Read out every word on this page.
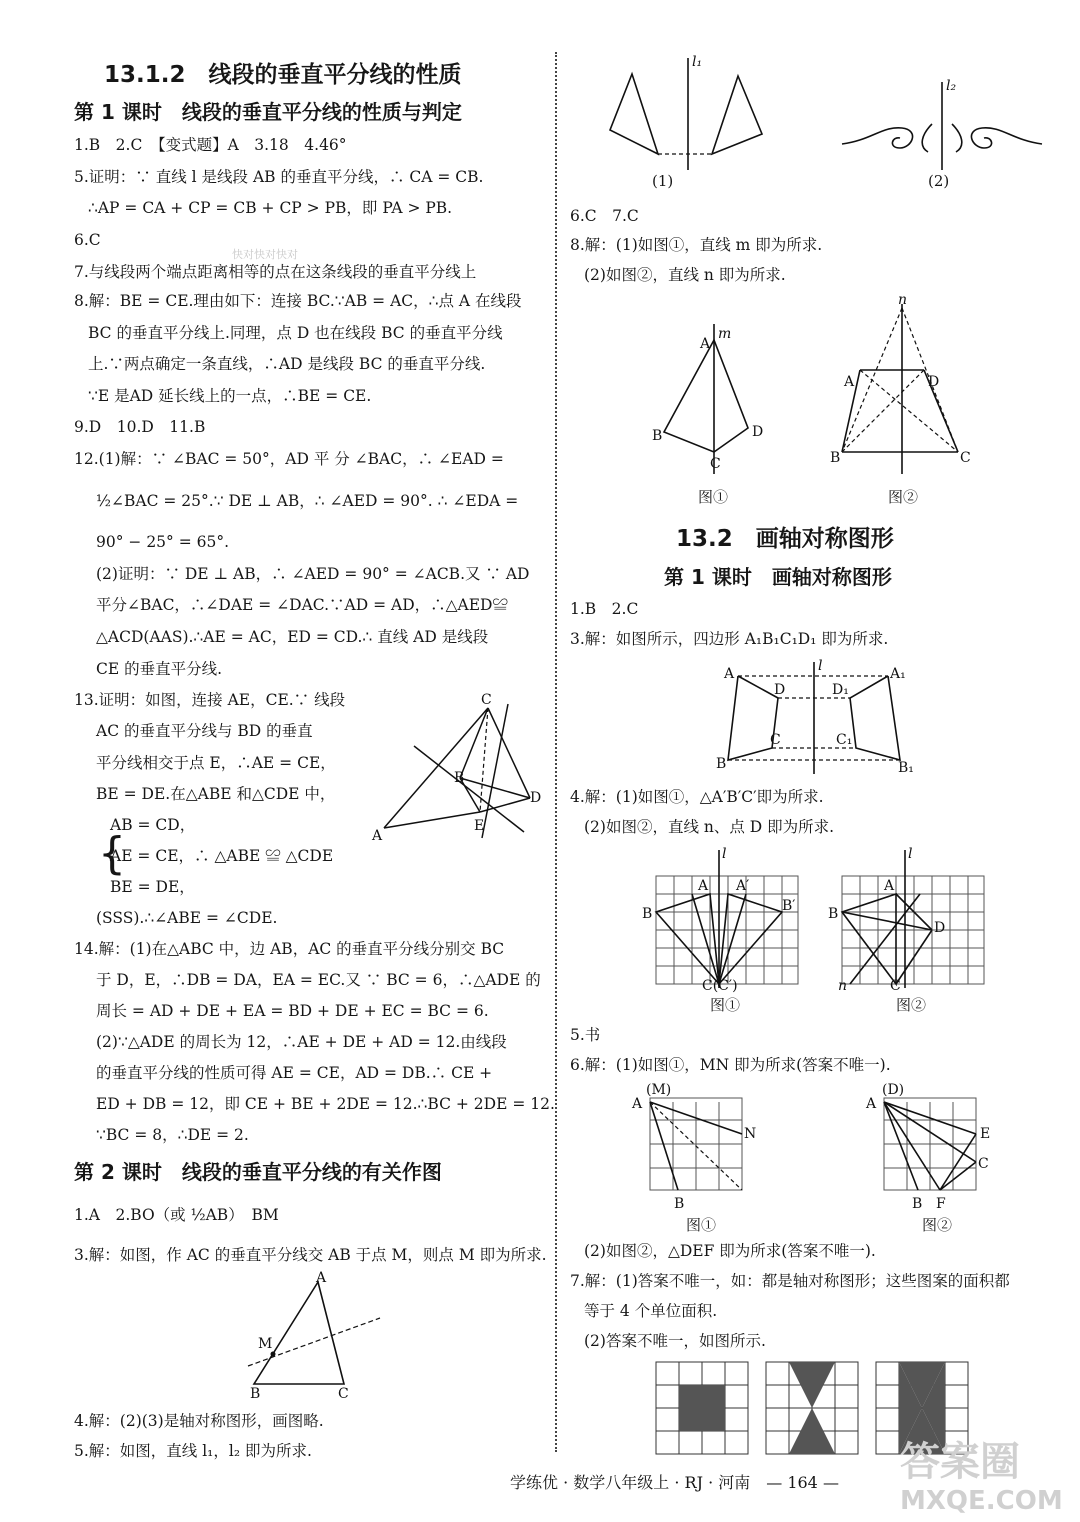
13.1.2　线段的垂直平分线的性质
第 1 课时　线段的垂直平分线的性质与判定
1.B　2.C　【变式题】A　3.18　4.46°
5.证明：∵ 直线 l 是线段 AB 的垂直平分线，∴ CA = CB.
∴AP = CA + CP = CB + CP > PB，即 PA > PB.
6.C
7.与线段两个端点距离相等的点在这条线段的垂直平分线上
8.解：BE = CE.理由如下：连接 BC.∵AB = AC，∴点 A 在线段
BC 的垂直平分线上.同理，点 D 也在线段 BC 的垂直平分线
上.∵两点确定一条直线，∴AD 是线段 BC 的垂直平分线.
∵E 是AD 延长线上的一点，∴BE = CE.
9.D　10.D　11.B
12.(1)解：∵ ∠BAC = 50°，AD 平 分 ∠BAC，∴ ∠EAD =
½∠BAC = 25°.∵ DE ⊥ AB，∴ ∠AED = 90°. ∴ ∠EDA =
90° − 25° = 65°.
(2)证明：∵ DE ⊥ AB，∴ ∠AED = 90° = ∠ACB.又 ∵ AD
平分∠BAC，∴∠DAE = ∠DAC.∵AD = AD，∴△AED≌
△ACD(AAS).∴AE = AC，ED = CD.∴ 直线 AD 是线段
CE 的垂直平分线.
13.证明：如图，连接 AE，CE.∵ 线段
AC 的垂直平分线与 BD 的垂直
平分线相交于点 E，∴AE = CE，
BE = DE.在△ABE 和△CDE 中，
{
AB = CD，
AE = CE，∴ △ABE ≌ △CDE
BE = DE，
(SSS).∴∠ABE = ∠CDE.
C
B
D
A
E
14.解：(1)在△ABC 中，边 AB，AC 的垂直平分线分别交 BC
于 D，E，∴DB = DA，EA = EC.又 ∵ BC = 6，∴△ADE 的
周长 = AD + DE + EA = BD + DE + EC = BC = 6.
(2)∵△ADE 的周长为 12，∴AE + DE + AD = 12.由线段
的垂直平分线的性质可得 AE = CE，AD = DB.∴ CE +
ED + DB = 12，即 CE + BE + 2DE = 12.∴BC + 2DE = 12.
∵BC = 8，∴DE = 2.
第 2 课时　线段的垂直平分线的有关作图
1.A　2.BO（或 ½AB）　BM
3.解：如图，作 AC 的垂直平分线交 AB 于点 M，则点 M 即为所求.
A
M
B	C
4.解：(2)(3)是轴对称图形，画图略.
5.解：如图，直线 l₁，l₂ 即为所求.
l₁
l₂
(1)	(2)
6.C　7.C
8.解：(1)如图①，直线 m 即为所求.
(2)如图②，直线 n 即为所求.
m
A
B	D
C
n
A	D
B	C
图①	图②
13.2　画轴对称图形
第 1 课时　画轴对称图形
1.B　2.C
3.解：如图所示，四边形 A₁B₁C₁D₁ 即为所求.
l
A
D
C
B
D₁
C₁
A₁
B₁
4.解：(1)如图①，△A′B′C′即为所求.
(2)如图②，直线 n、点 D 即为所求.
l
A A′
B	B′
C(C′)
l
A
B
D
C
n
图①	图②
5.书
6.解：(1)如图①，MN 即为所求(答案不唯一).
A
(M)
N
B
A
(D)
E
C
B F
图①	图②
(2)如图②，△DEF 即为所求(答案不唯一).
7.解：(1)答案不唯一，如：都是轴对称图形；这些图案的面积都
等于 4 个单位面积.
(2)答案不唯一，如图所示.
学练优 · 数学八年级上 · RJ · 河南　— 164 —
快对快对快对
答案圈
MXQE.COM
